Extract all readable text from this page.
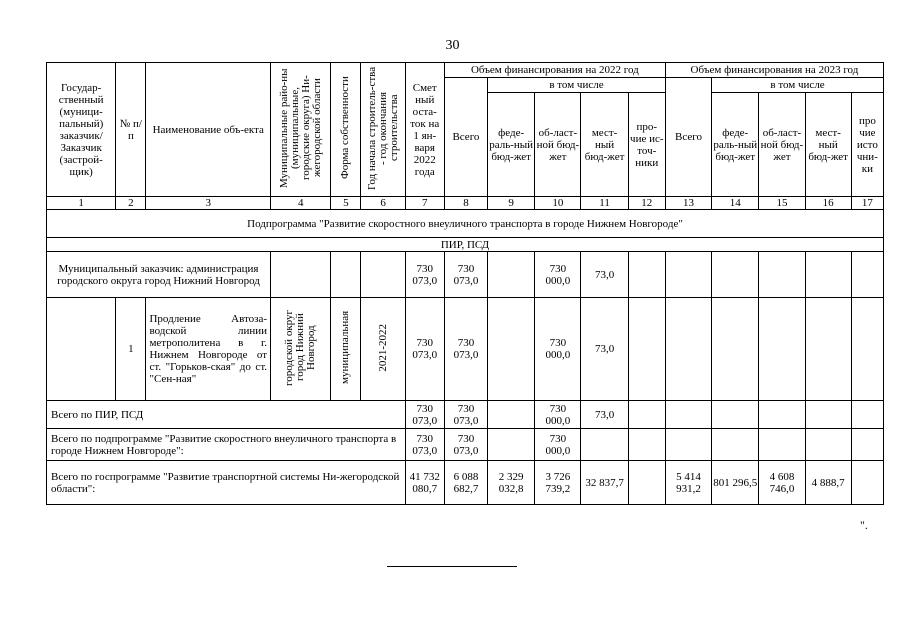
30
Государ-ственный (муници-пальный) заказчик/ Заказчик (застрой-щик)	№ п/п	Наименование объ-екта	Муниципальные райо-ны (муниципальные, городские округа) Ни-жегородской области	Форма собственности	Год начала строитель-ства - год окончания строительства	Смет ный оста-ток на 1 ян-варя 2022 года	Объем финансирования на 2022 год					Объем финансирования на 2023 год				
							Всего	в том числе				Всего	в том числе			
								феде-раль-ный бюд-жет	об-ласт-ной бюд-жет	мест-ный бюд-жет	про-чие ис-точ-ники		феде-раль-ный бюд-жет	об-ласт-ной бюд-жет	мест-ный бюд-жет	про чие исто чни-ки
1	2	3	4	5	6	7	8	9	10	11	12	13	14	15	16	17
Подпрограмма "Развитие скоростного внеуличного транспорта в городе Нижнем Новгороде"																
ПИР, ПСД																
Муниципальный заказчик: администрация городского округа город Нижний Новгород						730 073,0	730 073,0		730 000,0	73,0						
	1	Продление Автоза-водской линии метрополитена в г. Нижнем Новгороде от ст. "Горьков-ская" до ст. "Сен-ная"	городской округ город Нижний Новгород	муниципальная	2021-2022	730 073,0	730 073,0		730 000,0	73,0						
Всего по ПИР, ПСД						730 073,0	730 073,0		730 000,0	73,0						
Всего по подпрограмме "Развитие скоростного внеуличного транспорта в городе Нижнем Новгороде":						730 073,0	730 073,0		730 000,0							
Всего по госпрограмме "Развитие транспортной системы Ни-жегородской области":						41 732 080,7	6 088 682,7	2 329 032,8	3 726 739,2	32 837,7		5 414 931,2	801 296,5	4 608 746,0	4 888,7	
".
